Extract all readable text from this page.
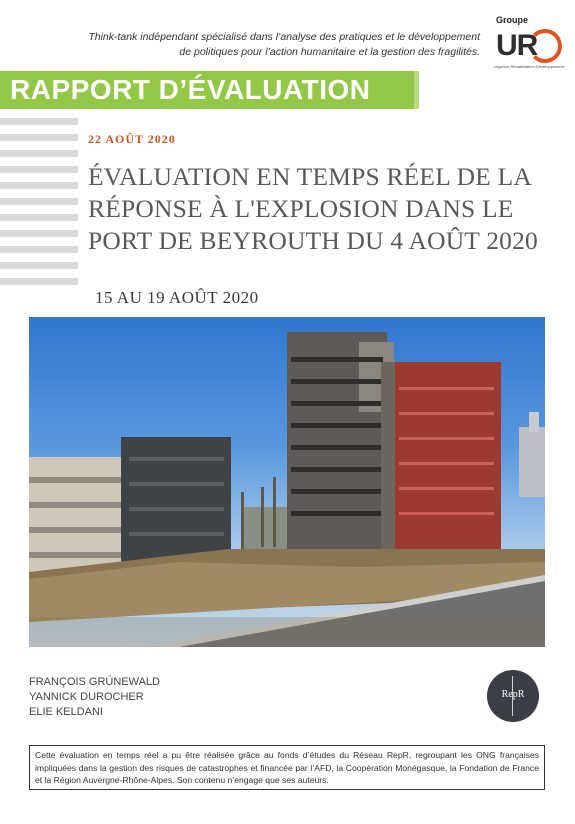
Think-tank indépendant spécialisé dans l’analyse des pratiques et le développement
de politiques pour l’action humanitaire et la gestion des fragilités.
Groupe
UR
Urgence-Réhabilitation-Développement
RAPPORT D’ÉVALUATION
22 AOÛT 2020
ÉVALUATION EN TEMPS RÉEL DE LA
RÉPONSE À L'EXPLOSION DANS LE
PORT DE BEYROUTH DU 4 AOÛT 2020
15 AU 19 AOÛT 2020
FRANÇOIS GRÜNEWALD
YANNICK DUROCHER
ELIE KELDANI
RepR
Cette évaluation en temps réel a pu être réalisée grâce au fonds d’études du Réseau RepR, regroupant les ONG françaises impliquées dans la gestion des risques de catastrophes et financée par l’AFD, la Coopération Monégasque, la Fondation de France et la Région Auvergne-Rhône-Alpes. Son contenu n’engage que ses auteurs.
